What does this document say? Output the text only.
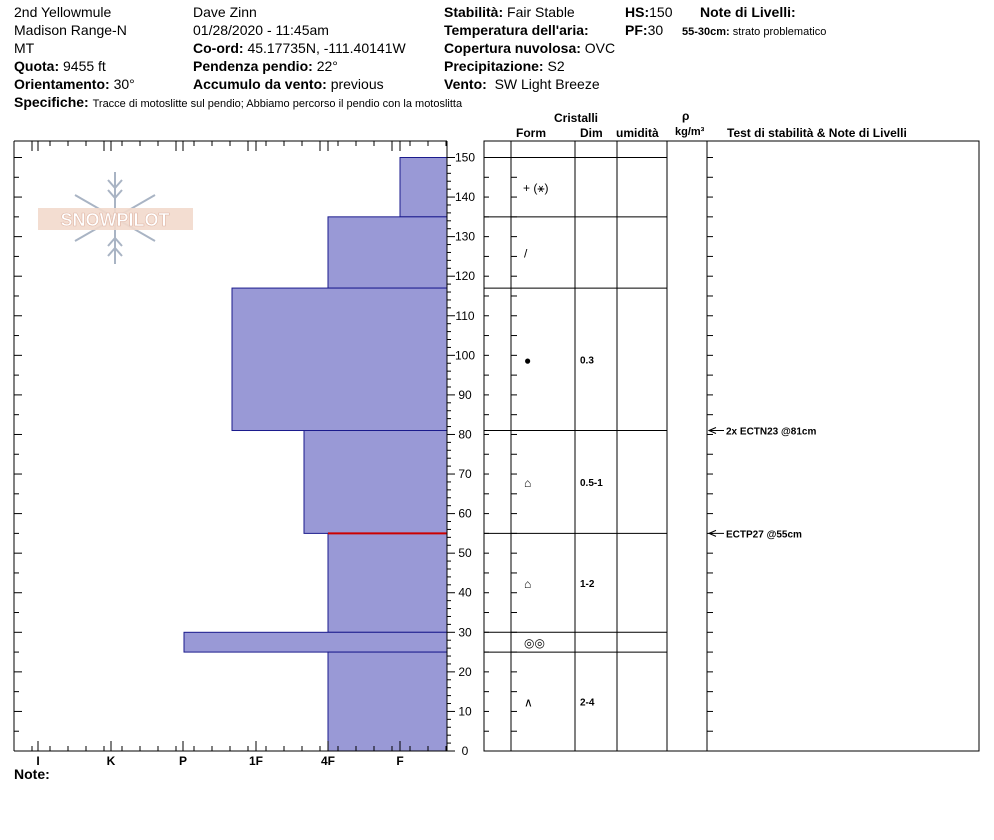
2nd Yellowmule
Madison Range-N
MT
Quota: 9455 ft
Orientamento: 30°
Dave Zinn
01/28/2020 - 11:45am
Co-ord: 45.17735N, -111.40141W
Pendenza pendio: 22°
Accumulo da vento: previous
Stabilità: Fair Stable
Temperatura dell'aria:
Copertura nuvolosa: OVC
Precipitazione: S2
Vento: SW Light Breeze
HS:150
PF:30
Note di Livelli:
55-30cm: strato problematico
Specifiche: Tracce di motoslitte sul pendio; Abbiamo percorso il pendio con la motoslitta
Cristalli
Form	Dim umidità
ρ
kg/m³ Test di stabilità & Note di Livelli
SNOWPILOT
I	K	P	1F	4F	F
0
10
20
30
40
50
60
70
80
90
100
110
120
130
140
150
+ (⚹)
/
●	0.3
⌂	0.5-1
⌂	1-2
◎◎
∧	2-4
2x ECTN23 @81cm
ECTP27 @55cm
Note:
